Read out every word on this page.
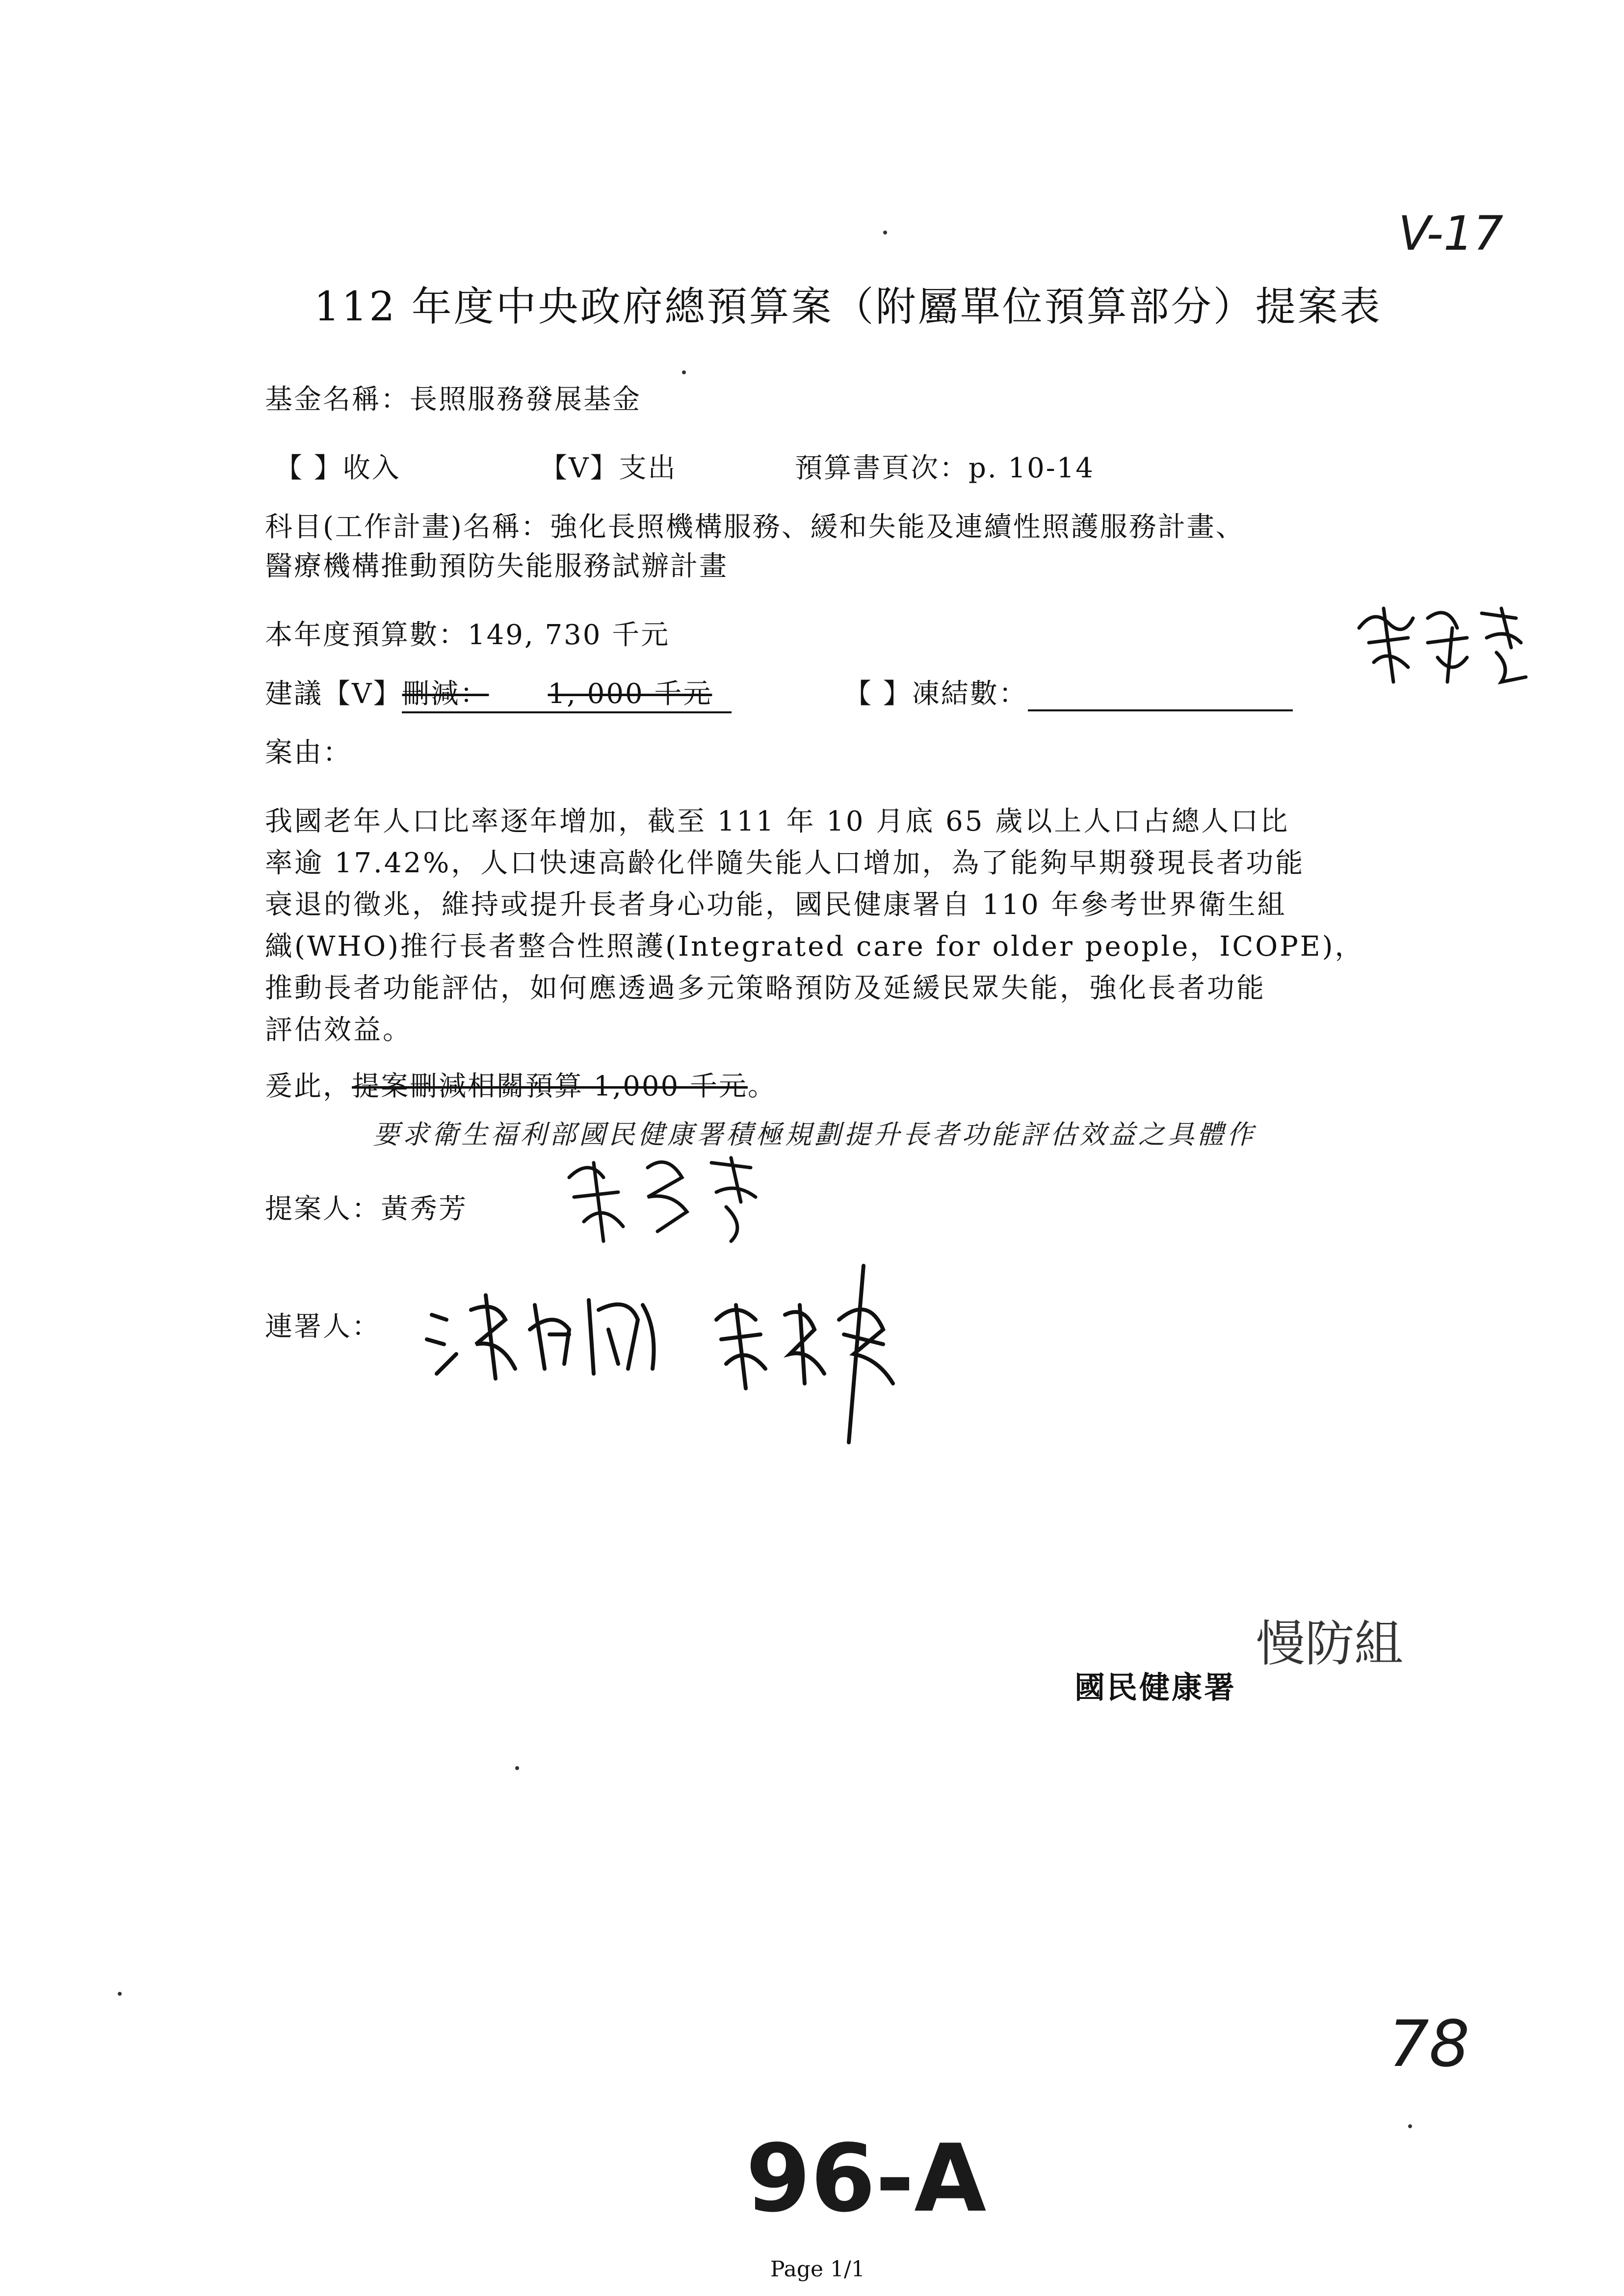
V-17
112 年度中央政府總預算案（附屬單位預算部分）提案表
基金名稱：長照服務發展基金
【 】收入	【V】支出	預算書頁次：p. 10-14
科目(工作計畫)名稱：強化長照機構服務、緩和失能及連續性照護服務計畫、
醫療機構推動預防失能服務試辦計畫
本年度預算數：149, 730 千元
建議【V】刪減： 1, 000 千元	【 】凍結數：
案由：
我國老年人口比率逐年增加，截至 111 年 10 月底 65 歲以上人口占總人口比
率逾 17.42%，人口快速高齡化伴隨失能人口增加，為了能夠早期發現長者功能
衰退的徵兆，維持或提升長者身心功能，國民健康署自 110 年參考世界衛生組
織(WHO)推行長者整合性照護(Integrated care for older people，ICOPE)，
推動長者功能評估，如何應透過多元策略預防及延緩民眾失能，強化長者功能
評估效益。
爰此，提案刪減相關預算 1,000 千元。
要求衛生福利部國民健康署積極規劃提升長者功能評估效益之具體作
提案人：黃秀芳
連署人：
慢防組
國民健康署
78
96-A
Page 1/1
